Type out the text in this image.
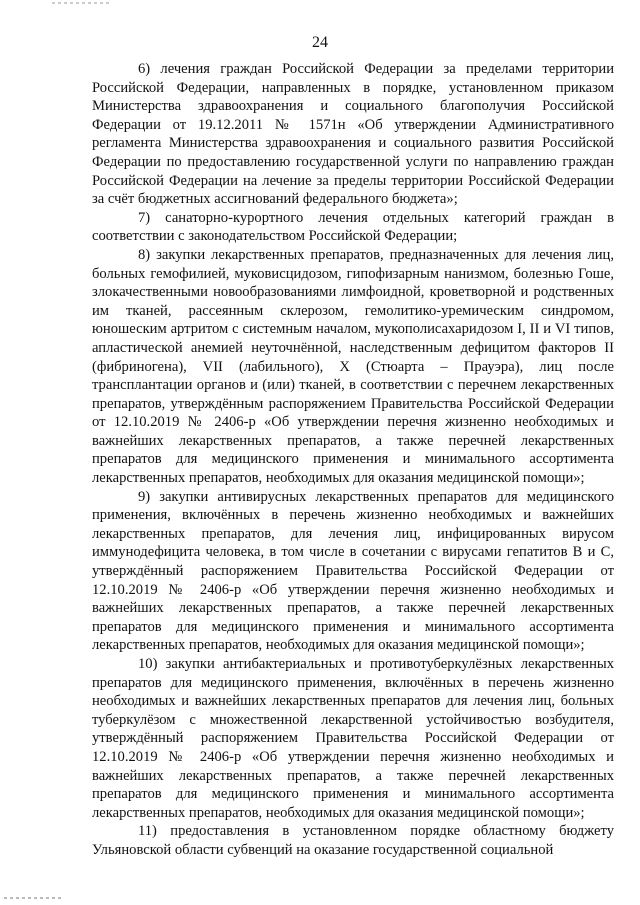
24

6) лечения граждан Российской Федерации за пределами территории Российской Федерации, направленных в порядке, установленном приказом Министерства здравоохранения и социального благополучия Российской Федерации от 19.12.2011 № 1571н «Об утверждении Административного регламента Министерства здравоохранения и социального развития Российской Федерации по предоставлению государственной услуги по направлению граждан Российской Федерации на лечение за пределы территории Российской Федерации за счёт бюджетных ассигнований федерального бюджета»;

7) санаторно-курортного лечения отдельных категорий граждан в соответствии с законодательством Российской Федерации;

8) закупки лекарственных препаратов, предназначенных для лечения лиц, больных гемофилией, муковисцидозом, гипофизарным нанизмом, болезнью Гоше, злокачественными новообразованиями лимфоидной, кроветворной и родственных им тканей, рассеянным склерозом, гемолитико-уремическим синдромом, юношеским артритом с системным началом, мукополисахаридозом I, II и VI типов, апластической анемией неуточнённой, наследственным дефицитом факторов II (фибриногена), VII (лабильного), X (Стюарта – Прауэра), лиц после трансплантации органов и (или) тканей, в соответствии с перечнем лекарственных препаратов, утверждённым распоряжением Правительства Российской Федерации от 12.10.2019 № 2406-р «Об утверждении перечня жизненно необходимых и важнейших лекарственных препаратов, а также перечней лекарственных препаратов для медицинского применения и минимального ассортимента лекарственных препаратов, необходимых для оказания медицинской помощи»;

9) закупки антивирусных лекарственных препаратов для медицинского применения, включённых в перечень жизненно необходимых и важнейших лекарственных препаратов, для лечения лиц, инфицированных вирусом иммунодефицита человека, в том числе в сочетании с вирусами гепатитов В и С, утверждённый распоряжением Правительства Российской Федерации от 12.10.2019 № 2406-р «Об утверждении перечня жизненно необходимых и важнейших лекарственных препаратов, а также перечней лекарственных препаратов для медицинского применения и минимального ассортимента лекарственных препаратов, необходимых для оказания медицинской помощи»;

10) закупки антибактериальных и противотуберкулёзных лекарственных препаратов для медицинского применения, включённых в перечень жизненно необходимых и важнейших лекарственных препаратов для лечения лиц, больных туберкулёзом с множественной лекарственной устойчивостью возбудителя, утверждённый распоряжением Правительства Российской Федерации от 12.10.2019 № 2406-р «Об утверждении перечня жизненно необходимых и важнейших лекарственных препаратов, а также перечней лекарственных препаратов для медицинского применения и минимального ассортимента лекарственных препаратов, необходимых для оказания медицинской помощи»;

11) предоставления в установленном порядке областному бюджету Ульяновской области субвенций на оказание государственной социальной
